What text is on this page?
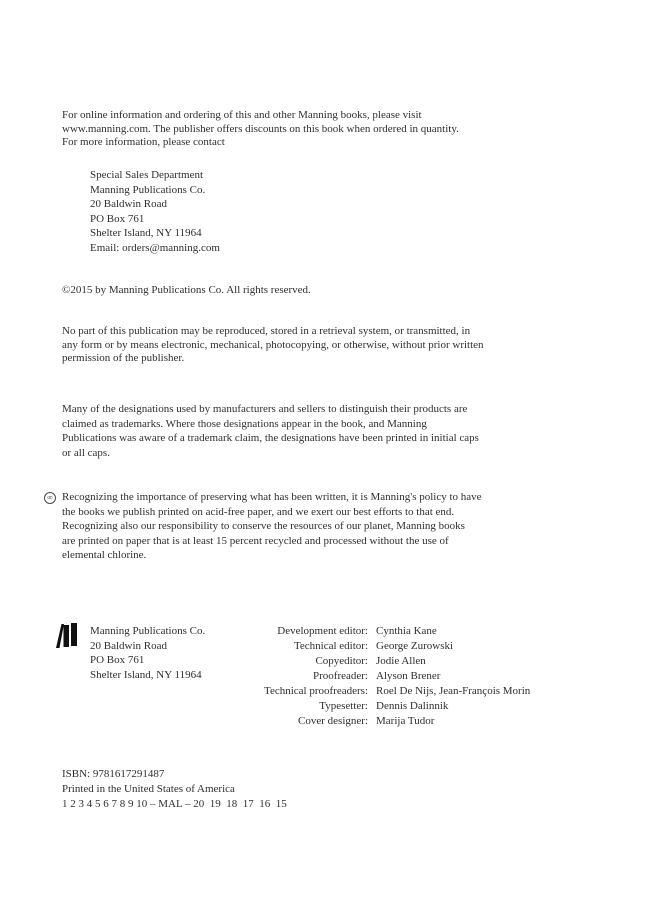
For online information and ordering of this and other Manning books, please visit
www.manning.com. The publisher offers discounts on this book when ordered in quantity.
For more information, please contact
Special Sales Department
Manning Publications Co.
20 Baldwin Road
PO Box 761
Shelter Island, NY 11964
Email: orders@manning.com
©2015 by Manning Publications Co. All rights reserved.
No part of this publication may be reproduced, stored in a retrieval system, or transmitted, in
any form or by means electronic, mechanical, photocopying, or otherwise, without prior written
permission of the publisher.
Many of the designations used by manufacturers and sellers to distinguish their products are
claimed as trademarks. Where those designations appear in the book, and Manning
Publications was aware of a trademark claim, the designations have been printed in initial caps
or all caps.
∞ Recognizing the importance of preserving what has been written, it is Manning's policy to have
the books we publish printed on acid-free paper, and we exert our best efforts to that end.
Recognizing also our responsibility to conserve the resources of our planet, Manning books
are printed on paper that is at least 15 percent recycled and processed without the use of
elemental chlorine.
Manning Publications Co.
20 Baldwin Road
PO Box 761
Shelter Island, NY 11964
Development editor: Cynthia Kane
Technical editor: George Zurowski
Copyeditor: Jodie Allen
Proofreader: Alyson Brener
Technical proofreaders: Roel De Nijs, Jean-François Morin
Typesetter: Dennis Dalinnik
Cover designer: Marija Tudor
ISBN: 9781617291487
Printed in the United States of America
1 2 3 4 5 6 7 8 9 10 – MAL – 20  19  18  17  16  15
